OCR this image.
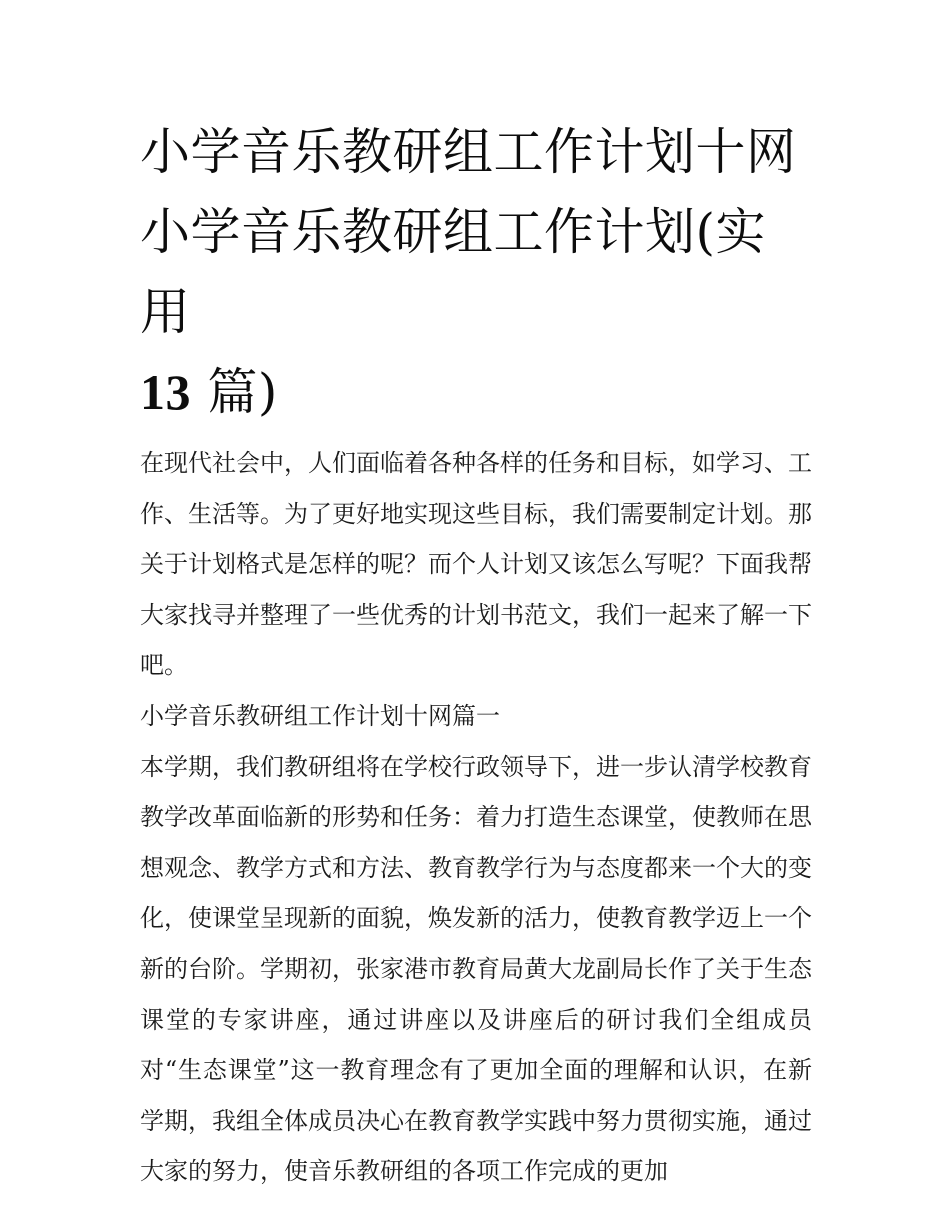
小学音乐教研组工作计划十网
小学音乐教研组工作计划(实用
13 篇)

在现代社会中，人们面临着各种各样的任务和目标，如学习、工作、生活等。为了更好地实现这些目标，我们需要制定计划。那关于计划格式是怎样的呢？而个人计划又该怎么写呢？下面我帮大家找寻并整理了一些优秀的计划书范文，我们一起来了解一下吧。

小学音乐教研组工作计划十网篇一

本学期，我们教研组将在学校行政领导下，进一步认清学校教育教学改革面临新的形势和任务：着力打造生态课堂，使教师在思想观念、教学方式和方法、教育教学行为与态度都来一个大的变化，使课堂呈现新的面貌，焕发新的活力，使教育教学迈上一个新的台阶。学期初，张家港市教育局黄大龙副局长作了关于生态课堂的专家讲座，通过讲座以及讲座后的研讨我们全组成员对“生态课堂”这一教育理念有了更加全面的理解和认识，在新学期，我组全体成员决心在教育教学实践中努力贯彻实施，通过大家的努力，使音乐教研组的各项工作完成的更加
